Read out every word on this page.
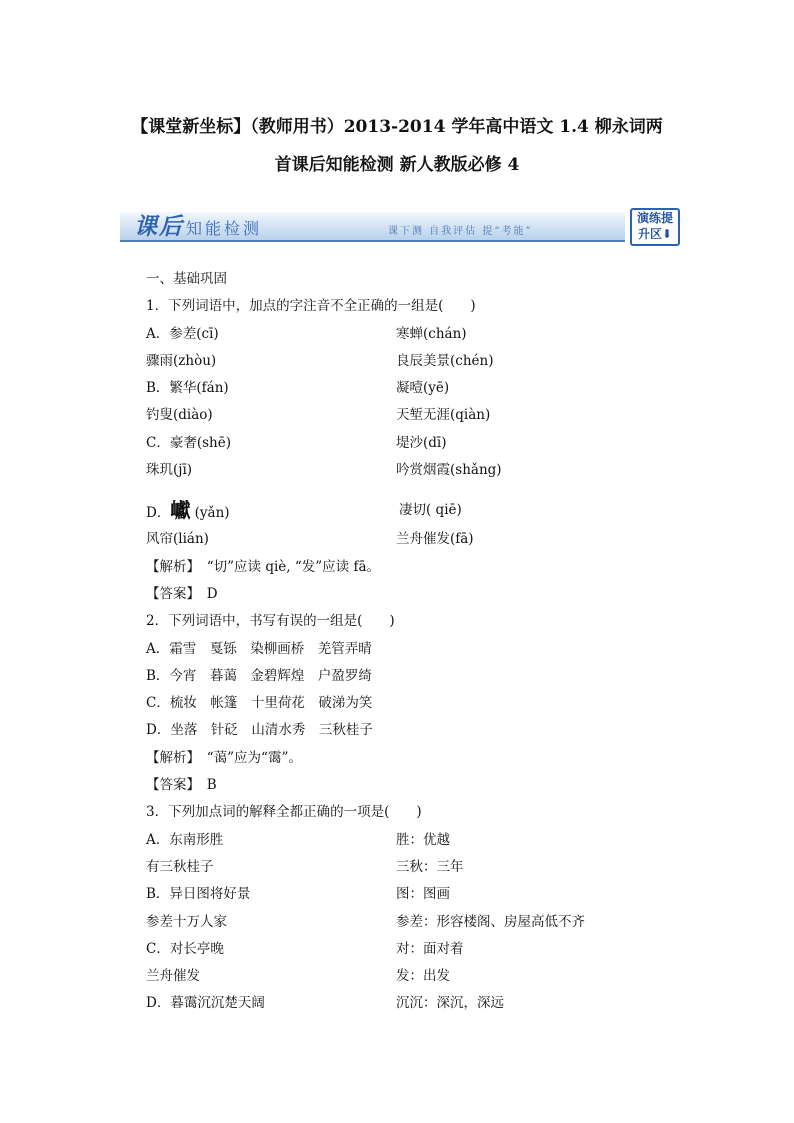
【课堂新坐标】（教师用书）2013-2014 学年高中语文 1.4 柳永词两
首课后知能检测 新人教版必修 4
课后 知能检测	课下测 自我评估 提“考能”
演练提
升区⬇
一、基础巩固
1．下列词语中，加点的字注音不全正确的一组是(　　)
A．参差(cī)	寒蝉(chán)
骤雨(zhòu)	良辰美景(chén)
B．繁华(fán)	凝噎(yē)
钓叟(diào)	天堑无涯(qiàn)
C．豪奢(shē)	堤沙(dī)
珠玑(jī)	吟赏烟霞(shǎng)
D．巘 (yǎn)	凄切( qiē)
风帘(lián)	兰舟催发(fā)
【解析】　“切”应读 qiè, “发”应读 fā。
【答案】　D
2．下列词语中，书写有误的一组是(　　)
A．霜雪　戛铄　染柳画桥　羌管弄晴
B．今宵　暮蔼　金碧辉煌　户盈罗绮
C．梳妆　帐篷　十里荷花　破涕为笑
D．坐落　针砭　山清水秀　三秋桂子
【解析】　“蔼”应为“霭”。
【答案】　B
3．下列加点词的解释全都正确的一项是(　　)
A．东南形胜	胜：优越
有三秋桂子	三秋：三年
B．异日图将好景	图：图画
参差十万人家	参差：形容楼阁、房屋高低不齐
C．对长亭晚	对：面对着
兰舟催发	发：出发
D．暮霭沉沉楚天阔	沉沉：深沉，深远
